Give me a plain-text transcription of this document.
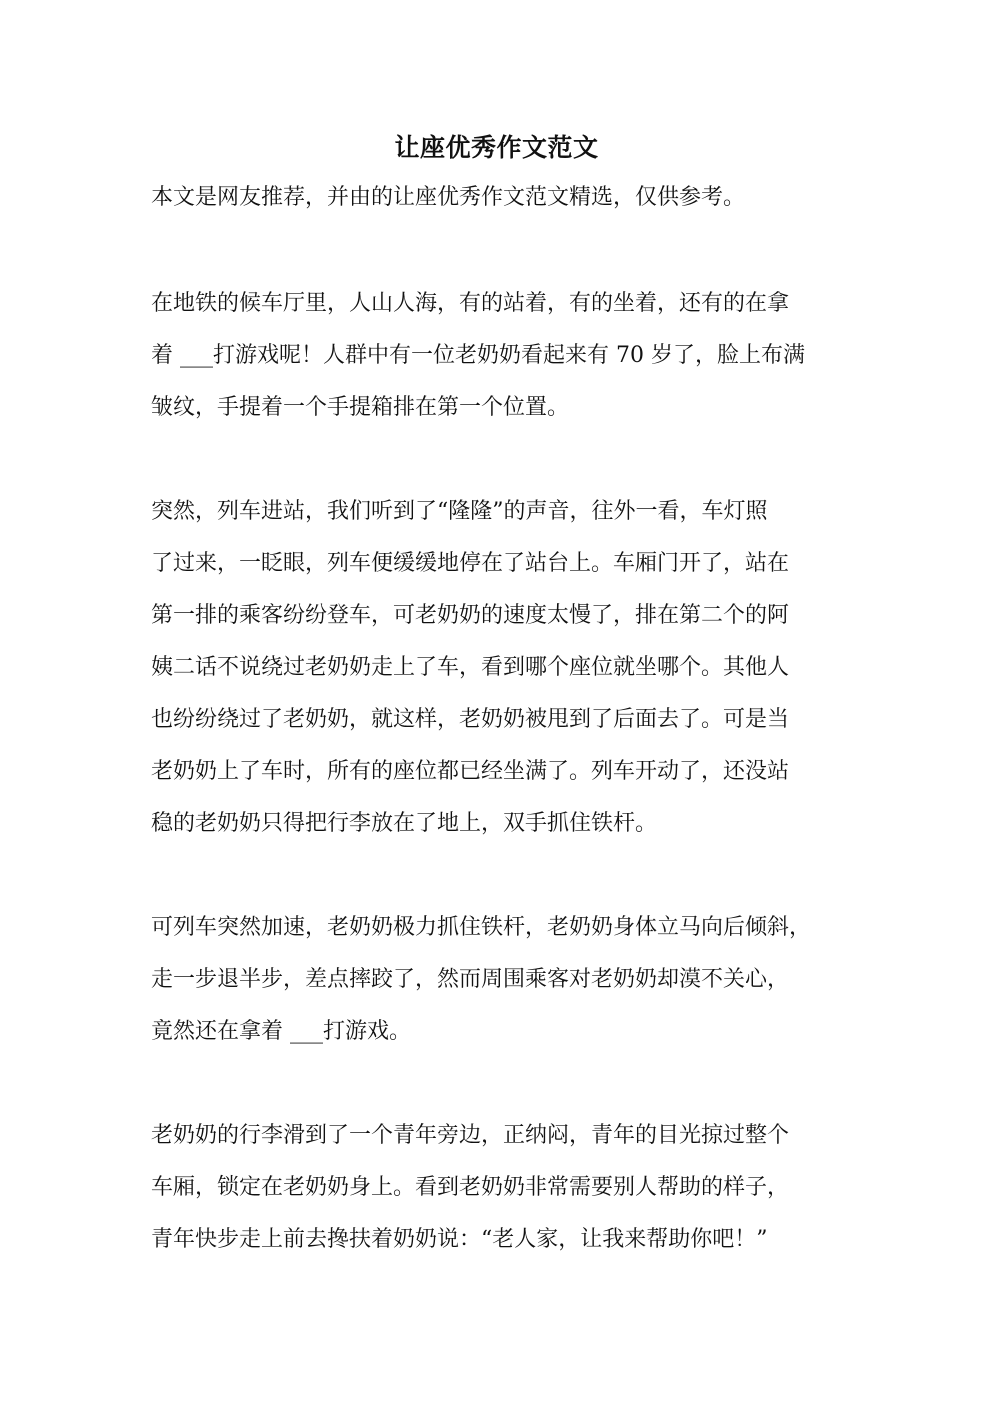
让座优秀作文范文
本文是网友推荐，并由的让座优秀作文范文精选，仅供参考。
在地铁的候车厅里，人山人海，有的站着，有的坐着，还有的在拿
着 ___打游戏呢！人群中有一位老奶奶看起来有 70 岁了，脸上布满
皱纹，手提着一个手提箱排在第一个位置。
突然，列车进站，我们听到了“隆隆”的声音，往外一看，车灯照
了过来，一眨眼，列车便缓缓地停在了站台上。车厢门开了，站在
第一排的乘客纷纷登车，可老奶奶的速度太慢了，排在第二个的阿
姨二话不说绕过老奶奶走上了车，看到哪个座位就坐哪个。其他人
也纷纷绕过了老奶奶，就这样，老奶奶被甩到了后面去了。可是当
老奶奶上了车时，所有的座位都已经坐满了。列车开动了，还没站
稳的老奶奶只得把行李放在了地上，双手抓住铁杆。
可列车突然加速，老奶奶极力抓住铁杆，老奶奶身体立马向后倾斜，
走一步退半步，差点摔跤了，然而周围乘客对老奶奶却漠不关心，
竟然还在拿着 ___打游戏。
老奶奶的行李滑到了一个青年旁边，正纳闷，青年的目光掠过整个
车厢，锁定在老奶奶身上。看到老奶奶非常需要别人帮助的样子，
青年快步走上前去搀扶着奶奶说：“老人家，让我来帮助你吧！”
